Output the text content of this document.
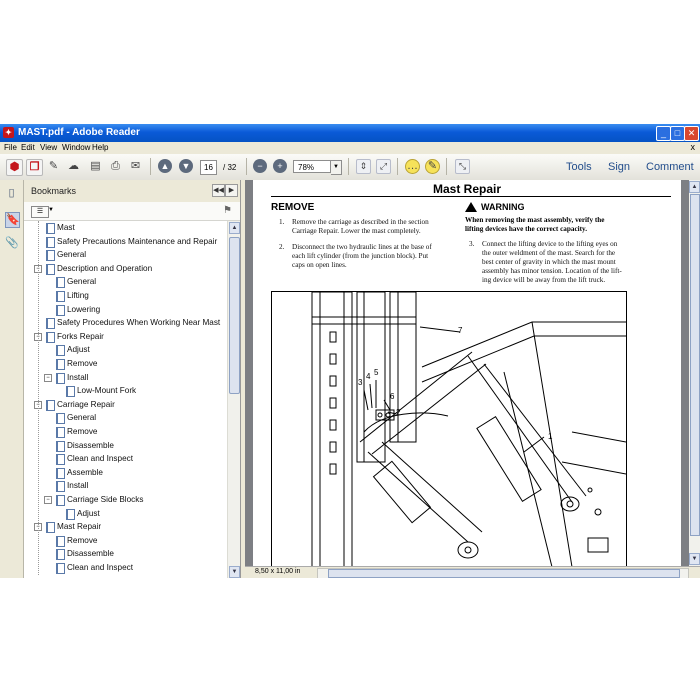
✦ MAST.pdf - Adobe Reader	_ □ ✕
File Edit View Window Help	x
⬢ ❐ ✎ ☁ ▤ ⎙ ✉	▲ ▼	16	/ 32	−	+	78%	▼	⇕	⤢	… ✎	⤡	Tools Sign Comment
▯
🔖
📎
Bookmarks	◀◀ ▶
☰ ▼	⚑
Mast
Safety Precautions Maintenance and Repair
General
− Description and Operation
General
Lifting
Lowering
Safety Procedures When Working Near Mast
− Forks Repair
Adjust
Remove
− Install
Low-Mount Fork
− Carriage Repair
General
Remove
Disassemble
Clean and Inspect
Assemble
Install
− Carriage Side Blocks
Adjust
− Mast Repair
Remove
Disassemble
Clean and Inspect
▲
▼
Mast Repair
REMOVE
1. Remove the carriage as described in the section
Carriage Repair. Lower the mast completely.
2. Disconnect the two hydraulic lines at the base of
each lift cylinder (from the junction block). Put
caps on open lines.
WARNING
When removing the mast assembly, verify the
lifting devices have the correct capacity.
3. Connect the lifting device to the lifting eyes on
the outer weldment of the mast. Search for the
best center of gravity in which the mast mount
assembly has minor tension. Location of the lift-
ing device will be away from the lift truck.
7
3
4 5
6
2
1
▲
▼
8,50 x 11,00 in
